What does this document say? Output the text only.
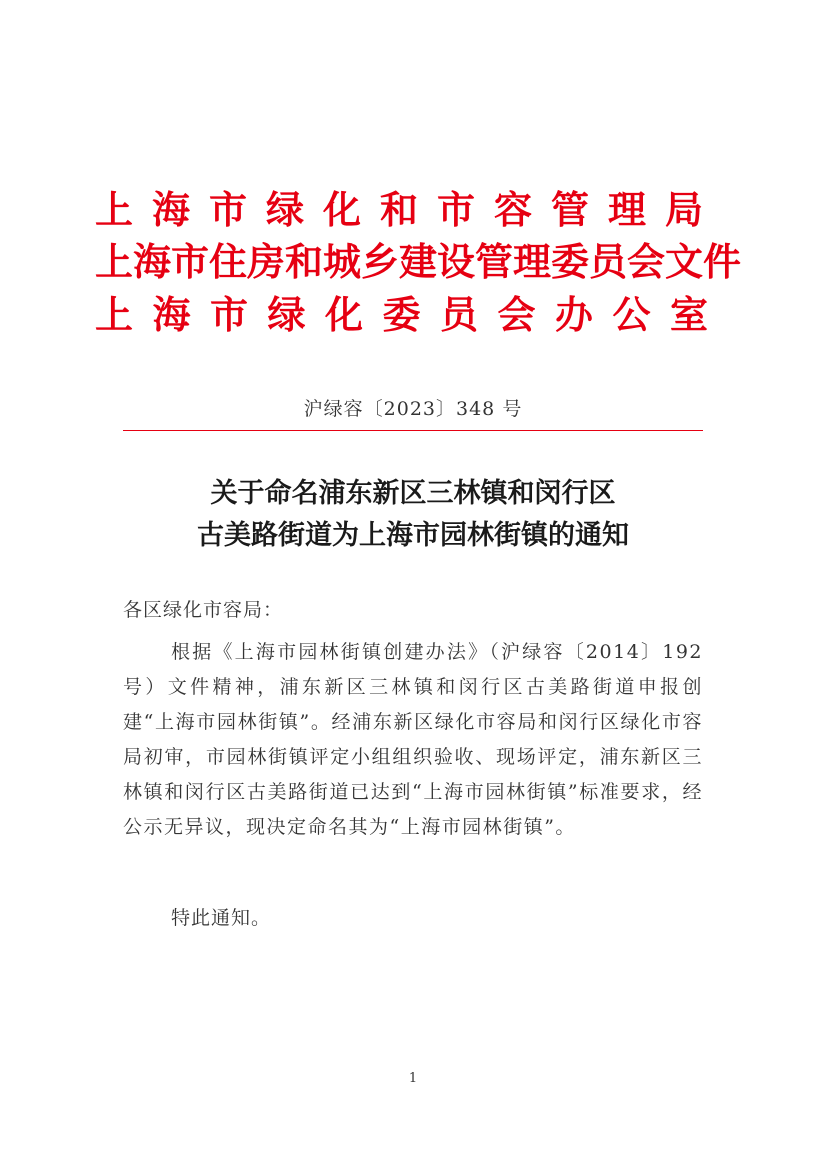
上海市绿化和市容管理局
上海市住房和城乡建设管理委员会文件
上海市绿化委员会办公室
沪绿容〔2023〕348 号
关于命名浦东新区三林镇和闵行区
古美路街道为上海市园林街镇的通知
各区绿化市容局：
根据《上海市园林街镇创建办法》（沪绿容〔2014〕192 号）文件精神，浦东新区三林镇和闵行区古美路街道申报创建“上海市园林街镇”。经浦东新区绿化市容局和闵行区绿化市容局初审，市园林街镇评定小组组织验收、现场评定，浦东新区三林镇和闵行区古美路街道已达到“上海市园林街镇”标准要求，经公示无异议，现决定命名其为“上海市园林街镇”。
特此通知。
1
